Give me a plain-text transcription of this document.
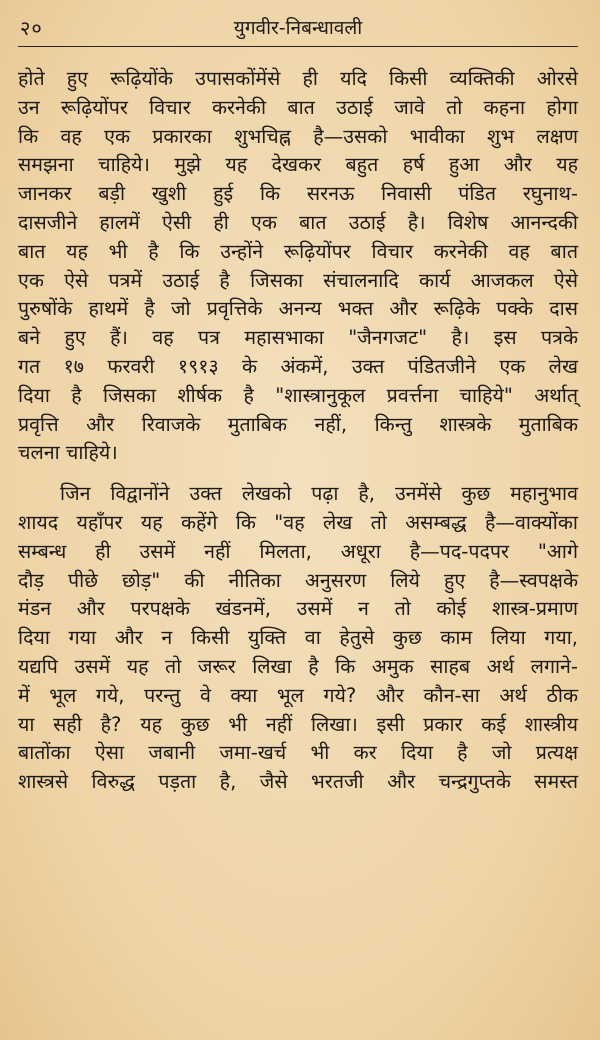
२०	युगवीर-निबन्धावली
होते हुए रूढ़ियोंके उपासकोंमेंसे ही यदि किसी व्यक्तिकी ओरसे
उन रूढ़ियोंपर विचार करनेकी बात उठाई जावे तो कहना होगा
कि वह एक प्रकारका शुभचिह्न है—उसको भावीका शुभ लक्षण
समझना चाहिये। मुझे यह देखकर बहुत हर्ष हुआ और यह
जानकर बड़ी खुशी हुई कि सरनऊ निवासी पंडित रघुनाथ-
दासजीने हालमें ऐसी ही एक बात उठाई है। विशेष आनन्दकी
बात यह भी है कि उन्होंने रूढ़ियोंपर विचार करनेकी वह बात
एक ऐसे पत्रमें उठाई है जिसका संचालनादि कार्य आजकल ऐसे
पुरुषोंके हाथमें है जो प्रवृत्तिके अनन्य भक्त और रूढ़िके पक्के दास
बने हुए हैं। वह पत्र महासभाका "जैनगजट" है। इस पत्रके
गत १७ फरवरी १९१३ के अंकमें, उक्त पंडितजीने एक लेख
दिया है जिसका शीर्षक है "शास्त्रानुकूल प्रवर्त्तना चाहिये" अर्थात्
प्रवृत्ति और रिवाजके मुताबिक नहीं, किन्तु शास्त्रके मुताबिक
चलना चाहिये।
जिन विद्वानोंने उक्त लेखको पढ़ा है, उनमेंसे कुछ महानुभाव
शायद यहाँपर यह कहेंगे कि "वह लेख तो असम्बद्ध है—वाक्योंका
सम्बन्ध ही उसमें नहीं मिलता, अधूरा है—पद-पदपर "आगे
दौड़ पीछे छोड़" की नीतिका अनुसरण लिये हुए है—स्वपक्षके
मंडन और परपक्षके खंडनमें, उसमें न तो कोई शास्त्र-प्रमाण
दिया गया और न किसी युक्ति वा हेतुसे कुछ काम लिया गया,
यद्यपि उसमें यह तो जरूर लिखा है कि अमुक साहब अर्थ लगाने-
में भूल गये, परन्तु वे क्या भूल गये? और कौन-सा अर्थ ठीक
या सही है? यह कुछ भी नहीं लिखा। इसी प्रकार कई शास्त्रीय
बातोंका ऐसा जबानी जमा-खर्च भी कर दिया है जो प्रत्यक्ष
शास्त्रसे विरुद्ध पड़ता है, जैसे भरतजी और चन्द्रगुप्तके समस्त
